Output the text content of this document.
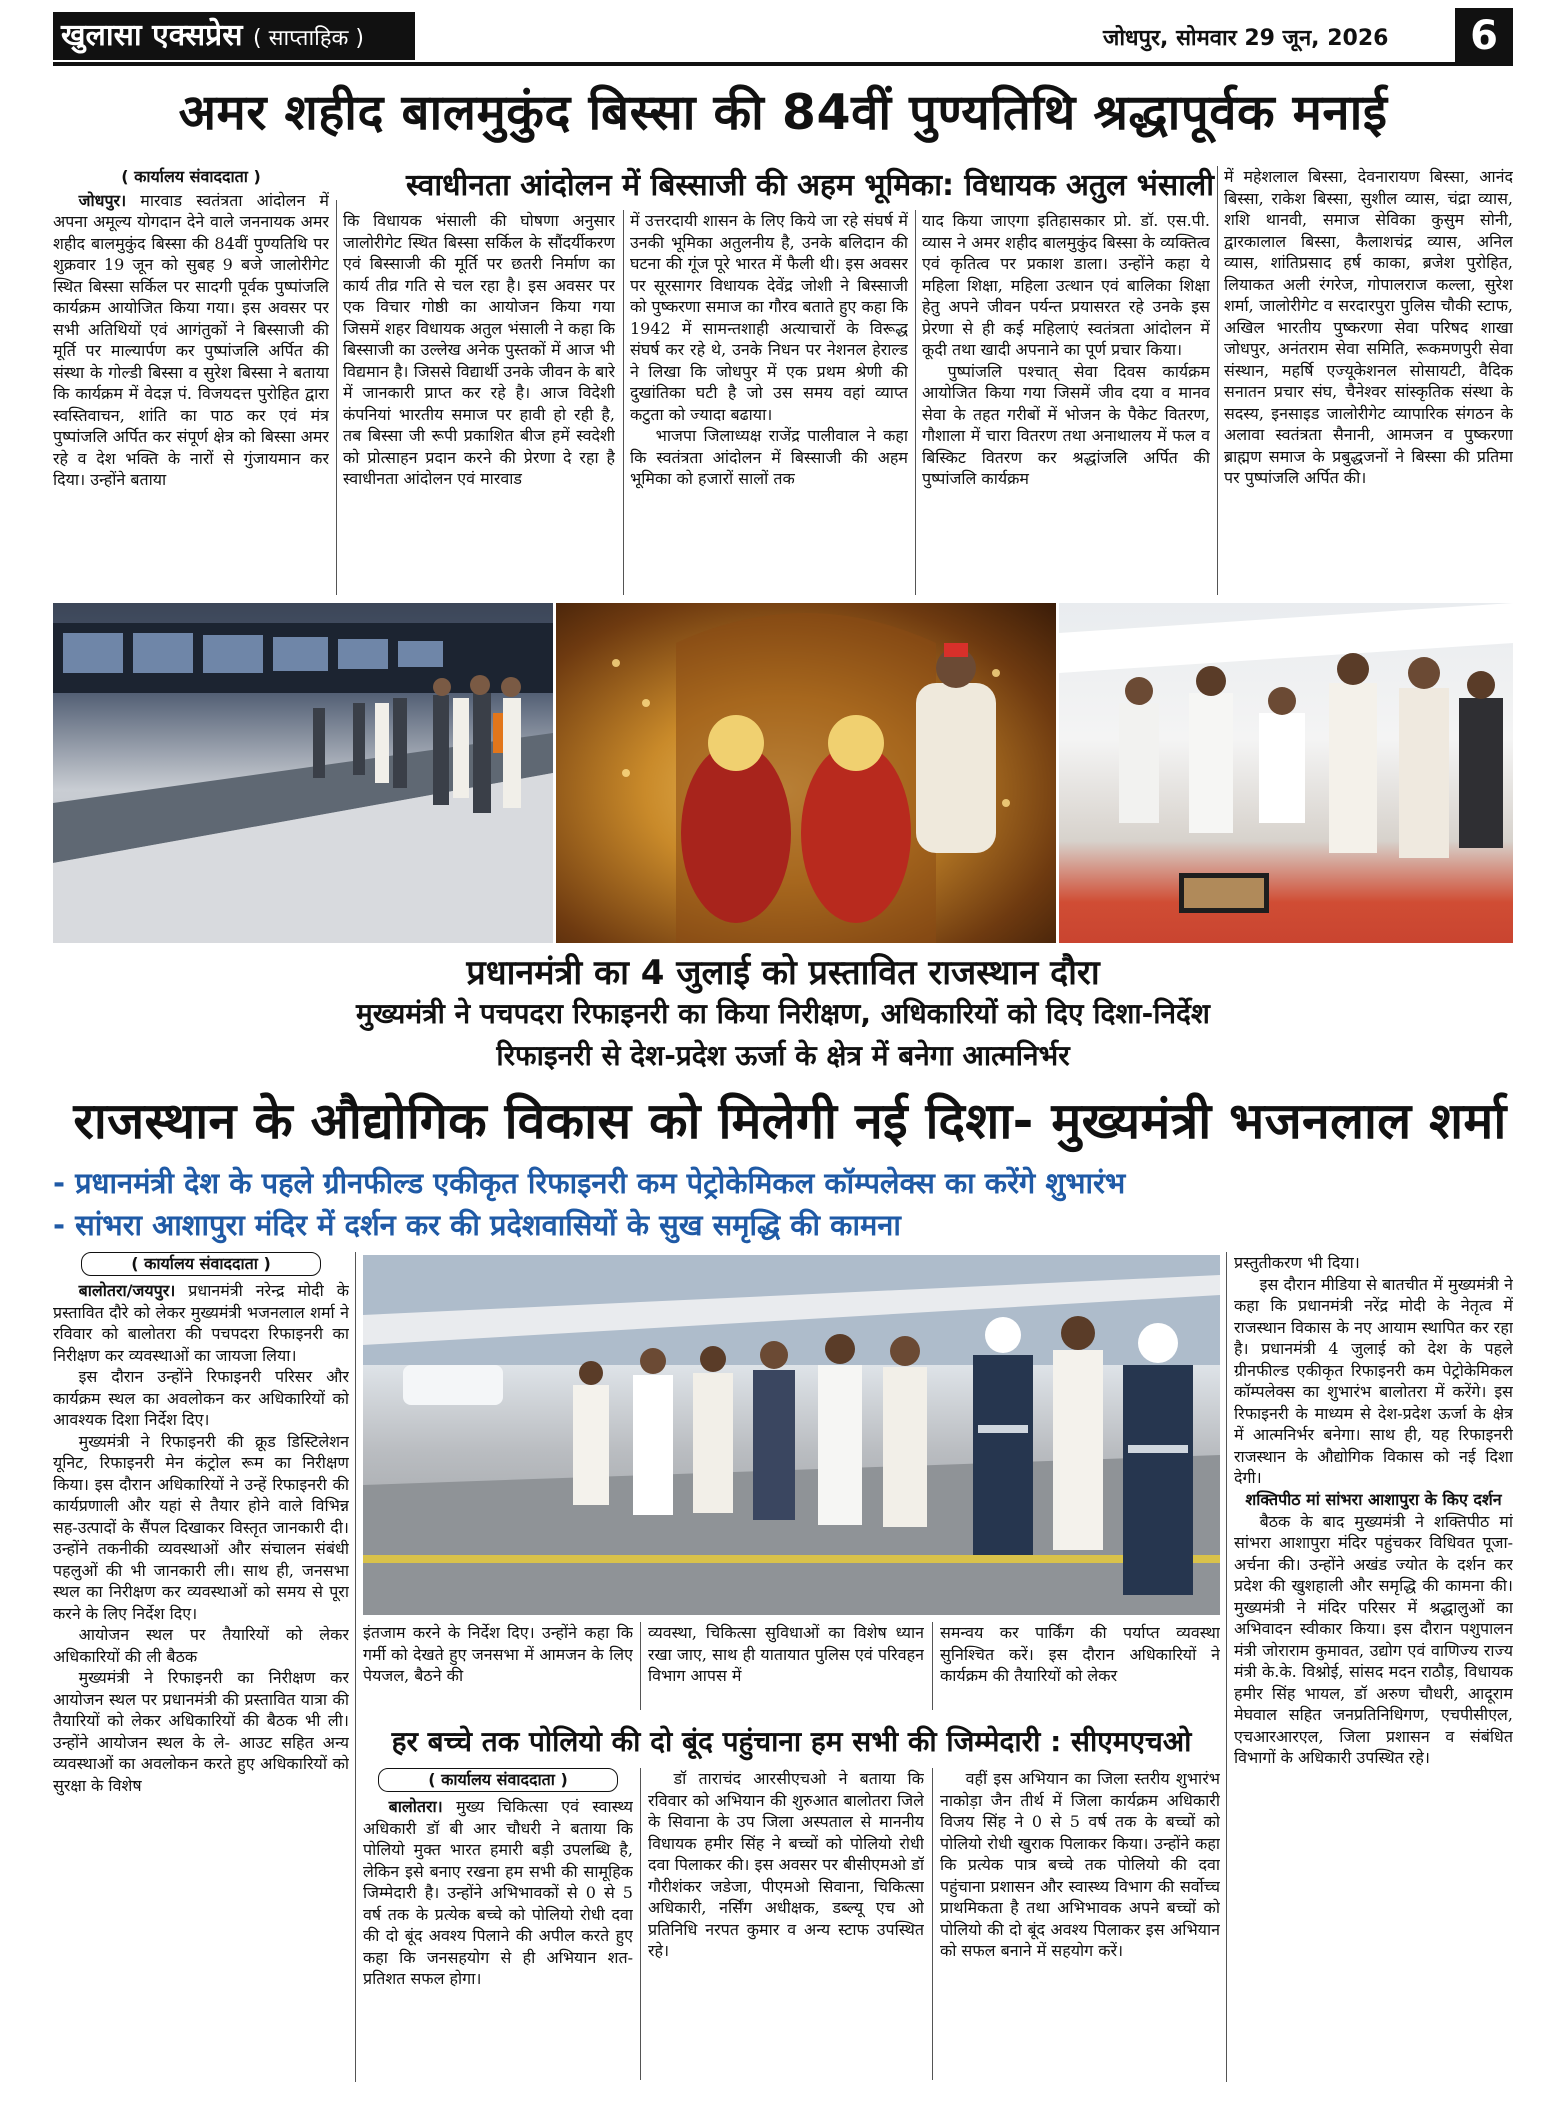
खुलासा एक्सप्रेस ( साप्ताहिक )	जोधपुर, सोमवार 29 जून, 2026	6
अमर शहीद बालमुकुंद बिस्सा की 84वीं पुण्यतिथि श्रद्धापूर्वक मनाई
स्वाधीनता आंदोलन में बिस्साजी की अहम भूमिका: विधायक अतुल भंसाली
( कार्यालय संवाददाता )

जोधपुर। मारवाड स्वतंत्रता आंदोलन में अपना अमूल्य योगदान देने वाले जननायक अमर शहीद बालमुकुंद बिस्सा की 84वीं पुण्यतिथि पर शुक्रवार 19 जून को सुबह 9 बजे जालोरीगेट स्थित बिस्सा सर्किल पर सादगी पूर्वक पुष्पांजलि कार्यक्रम आयोजित किया गया। इस अवसर पर सभी अतिथियों एवं आगंतुकों ने बिस्साजी की मूर्ति पर माल्यार्पण कर पुष्पांजलि अर्पित की संस्था के गोल्डी बिस्सा व सुरेश बिस्सा ने बताया कि कार्यक्रम में वेदज्ञ पं. विजयदत्त पुरोहित द्वारा स्वस्तिवाचन, शांति का पाठ कर एवं मंत्र पुष्पांजलि अर्पित कर संपूर्ण क्षेत्र को बिस्सा अमर रहे व देश भक्ति के नारों से गुंजायमान कर दिया। उन्होंने बताया

कि विधायक भंसाली की घोषणा अनुसार जालोरीगेट स्थित बिस्सा सर्किल के सौंदर्यीकरण एवं बिस्साजी की मूर्ति पर छतरी निर्माण का कार्य तीव्र गति से चल रहा है। इस अवसर पर एक विचार गोष्ठी का आयोजन किया गया जिसमें शहर विधायक अतुल भंसाली ने कहा कि बिस्साजी का उल्लेख अनेक पुस्तकों में आज भी विद्यमान है। जिससे विद्यार्थी उनके जीवन के बारे में जानकारी प्राप्त कर रहे है। आज विदेशी कंपनियां भारतीय समाज पर हावी हो रही है, तब बिस्सा जी रूपी प्रकाशित बीज हमें स्वदेशी को प्रोत्साहन प्रदान करने की प्रेरणा दे रहा है स्वाधीनता आंदोलन एवं मारवाड

में उत्तरदायी शासन के लिए किये जा रहे संघर्ष में उनकी भूमिका अतुलनीय है, उनके बलिदान की घटना की गूंज पूरे भारत में फैली थी। इस अवसर पर सूरसागर विधायक देवेंद्र जोशी ने बिस्साजी को पुष्करणा समाज का गौरव बताते हुए कहा कि 1942 में सामन्तशाही अत्याचारों के विरूद्ध संघर्ष कर रहे थे, उनके निधन पर नेशनल हेराल्ड ने लिखा कि जोधपुर में एक प्रथम श्रेणी की दुखांतिका घटी है जो उस समय वहां व्याप्त कटुता को ज्यादा बढाया।

भाजपा जिलाध्यक्ष राजेंद्र पालीवाल ने कहा कि स्वतंत्रता आंदोलन में बिस्साजी की अहम भूमिका को हजारों सालों तक

याद किया जाएगा इतिहासकार प्रो. डॉ. एस.पी. व्यास ने अमर शहीद बालमुकुंद बिस्सा के व्यक्तित्व एवं कृतित्व पर प्रकाश डाला। उन्होंने कहा ये महिला शिक्षा, महिला उत्थान एवं बालिका शिक्षा हेतु अपने जीवन पर्यन्त प्रयासरत रहे उनके इस प्रेरणा से ही कई महिलाएं स्वतंत्रता आंदोलन में कूदी तथा खादी अपनाने का पूर्ण प्रचार किया।

पुष्पांजलि पश्चात् सेवा दिवस कार्यक्रम आयोजित किया गया जिसमें जीव दया व मानव सेवा के तहत गरीबों में भोजन के पैकेट वितरण, गौशाला में चारा वितरण तथा अनाथालय में फल व बिस्किट वितरण कर श्रद्धांजलि अर्पित की पुष्पांजलि कार्यक्रम

में महेशलाल बिस्सा, देवनारायण बिस्सा, आनंद बिस्सा, राकेश बिस्सा, सुशील व्यास, चंद्रा व्यास, शशि थानवी, समाज सेविका कुसुम सोनी, द्वारकालाल बिस्सा, कैलाशचंद्र व्यास, अनिल व्यास, शांतिप्रसाद हर्ष काका, ब्रजेश पुरोहित, लियाकत अली रंगरेज, गोपालराज कल्ला, सुरेश शर्मा, जालोरीगेट व सरदारपुरा पुलिस चौकी स्टाफ, अखिल भारतीय पुष्करणा सेवा परिषद शाखा जोधपुर, अनंतराम सेवा समिति, रूकमणपुरी सेवा संस्थान, महर्षि एज्यूकेशनल सोसायटी, वैदिक सनातन प्रचार संघ, चैनेश्वर सांस्कृतिक संस्था के सदस्य, इनसाइड जालोरीगेट व्यापारिक संगठन के अलावा स्वतंत्रता सैनानी, आमजन व पुष्करणा ब्राह्मण समाज के प्रबुद्धजनों ने बिस्सा की प्रतिमा पर पुष्पांजलि अर्पित की।

प्रधानमंत्री का 4 जुलाई को प्रस्तावित राजस्थान दौरा
मुख्यमंत्री ने पचपदरा रिफाइनरी का किया निरीक्षण, अधिकारियों को दिए दिशा-निर्देश
रिफाइनरी से देश-प्रदेश ऊर्जा के क्षेत्र में बनेगा आत्मनिर्भर
राजस्थान के औद्योगिक विकास को मिलेगी नई दिशा- मुख्यमंत्री भजनलाल शर्मा
- प्रधानमंत्री देश के पहले ग्रीनफील्ड एकीकृत रिफाइनरी कम पेट्रोकेमिकल कॉम्पलेक्स का करेंगे शुभारंभ
- सांभरा आशापुरा मंदिर में दर्शन कर की प्रदेशवासियों के सुख समृद्धि की कामना
( कार्यालय संवाददाता )

बालोतरा/जयपुर। प्रधानमंत्री नरेन्द्र मोदी के प्रस्तावित दौरे को लेकर मुख्यमंत्री भजनलाल शर्मा ने रविवार को बालोतरा की पचपदरा रिफाइनरी का निरीक्षण कर व्यवस्थाओं का जायजा लिया।

इस दौरान उन्होंने रिफाइनरी परिसर और कार्यक्रम स्थल का अवलोकन कर अधिकारियों को आवश्यक दिशा निर्देश दिए।

मुख्यमंत्री ने रिफाइनरी की क्रूड डिस्टिलेशन यूनिट, रिफाइनरी मेन कंट्रोल रूम का निरीक्षण किया। इस दौरान अधिकारियों ने उन्हें रिफाइनरी की कार्यप्रणाली और यहां से तैयार होने वाले विभिन्न सह-उत्पादों के सैंपल दिखाकर विस्तृत जानकारी दी। उन्होंने तकनीकी व्यवस्थाओं और संचालन संबंधी पहलुओं की भी जानकारी ली। साथ ही, जनसभा स्थल का निरीक्षण कर व्यवस्थाओं को समय से पूरा करने के लिए निर्देश दिए।

आयोजन स्थल पर तैयारियों को लेकर अधिकारियों की ली बैठक

मुख्यमंत्री ने रिफाइनरी का निरीक्षण कर आयोजन स्थल पर प्रधानमंत्री की प्रस्तावित यात्रा की तैयारियों को लेकर अधिकारियों की बैठक भी ली। उन्होंने आयोजन स्थल के ले- आउट सहित अन्य व्यवस्थाओं का अवलोकन करते हुए अधिकारियों को सुरक्षा के विशेष

इंतजाम करने के निर्देश दिए। उन्होंने कहा कि गर्मी को देखते हुए जनसभा में आमजन के लिए पेयजल, बैठने की

व्यवस्था, चिकित्सा सुविधाओं का विशेष ध्यान रखा जाए, साथ ही यातायात पुलिस एवं परिवहन विभाग आपस में

समन्वय कर पार्किंग की पर्याप्त व्यवस्था सुनिश्चित करें। इस दौरान अधिकारियों ने कार्यक्रम की तैयारियों को लेकर

प्रस्तुतीकरण भी दिया।

इस दौरान मीडिया से बातचीत में मुख्यमंत्री ने कहा कि प्रधानमंत्री नरेंद्र मोदी के नेतृत्व में राजस्थान विकास के नए आयाम स्थापित कर रहा है। प्रधानमंत्री 4 जुलाई को देश के पहले ग्रीनफील्ड एकीकृत रिफाइनरी कम पेट्रोकेमिकल कॉम्पलेक्स का शुभारंभ बालोतरा में करेंगे। इस रिफाइनरी के माध्यम से देश-प्रदेश ऊर्जा के क्षेत्र में आत्मनिर्भर बनेगा। साथ ही, यह रिफाइनरी राजस्थान के औद्योगिक विकास को नई दिशा देगी।

शक्तिपीठ मां सांभरा आशापुरा के किए दर्शन

बैठक के बाद मुख्यमंत्री ने शक्तिपीठ मां सांभरा आशापुरा मंदिर पहुंचकर विधिवत पूजा-अर्चना की। उन्होंने अखंड ज्योत के दर्शन कर प्रदेश की खुशहाली और समृद्धि की कामना की। मुख्यमंत्री ने मंदिर परिसर में श्रद्धालुओं का अभिवादन स्वीकार किया। इस दौरान पशुपालन मंत्री जोराराम कुमावत, उद्योग एवं वाणिज्य राज्य मंत्री के.के. विश्नोई, सांसद मदन राठौड़, विधायक हमीर सिंह भायल, डॉ अरुण चौधरी, आदूराम मेघवाल सहित जनप्रतिनिधिगण, एचपीसीएल, एचआरआरएल, जिला प्रशासन व संबंधित विभागों के अधिकारी उपस्थित रहे।

हर बच्चे तक पोलियो की दो बूंद पहुंचाना हम सभी की जिम्मेदारी : सीएमएचओ
( कार्यालय संवाददाता )

बालोतरा। मुख्य चिकित्सा एवं स्वास्थ्य अधिकारी डॉ बी आर चौधरी ने बताया कि पोलियो मुक्त भारत हमारी बड़ी उपलब्धि है, लेकिन इसे बनाए रखना हम सभी की सामूहिक जिम्मेदारी है। उन्होंने अभिभावकों से 0 से 5 वर्ष तक के प्रत्येक बच्चे को पोलियो रोधी दवा की दो बूंद अवश्य पिलाने की अपील करते हुए कहा कि जनसहयोग से ही अभियान शत-प्रतिशत सफल होगा।

डॉ ताराचंद आरसीएचओ ने बताया कि रविवार को अभियान की शुरुआत बालोतरा जिले के सिवाना के उप जिला अस्पताल से माननीय विधायक हमीर सिंह ने बच्चों को पोलियो रोधी दवा पिलाकर की। इस अवसर पर बीसीएमओ डॉ गौरीशंकर जडेजा, पीएमओ सिवाना, चिकित्सा अधिकारी, नर्सिंग अधीक्षक, डब्ल्यू एच ओ प्रतिनिधि नरपत कुमार व अन्य स्टाफ उपस्थित रहे।

वहीं इस अभियान का जिला स्तरीय शुभारंभ नाकोड़ा जैन तीर्थ में जिला कार्यक्रम अधिकारी विजय सिंह ने 0 से 5 वर्ष तक के बच्चों को पोलियो रोधी खुराक पिलाकर किया। उन्होंने कहा कि प्रत्येक पात्र बच्चे तक पोलियो की दवा पहुंचाना प्रशासन और स्वास्थ्य विभाग की सर्वोच्च प्राथमिकता है तथा अभिभावक अपने बच्चों को पोलियो की दो बूंद अवश्य पिलाकर इस अभियान को सफल बनाने में सहयोग करें।
